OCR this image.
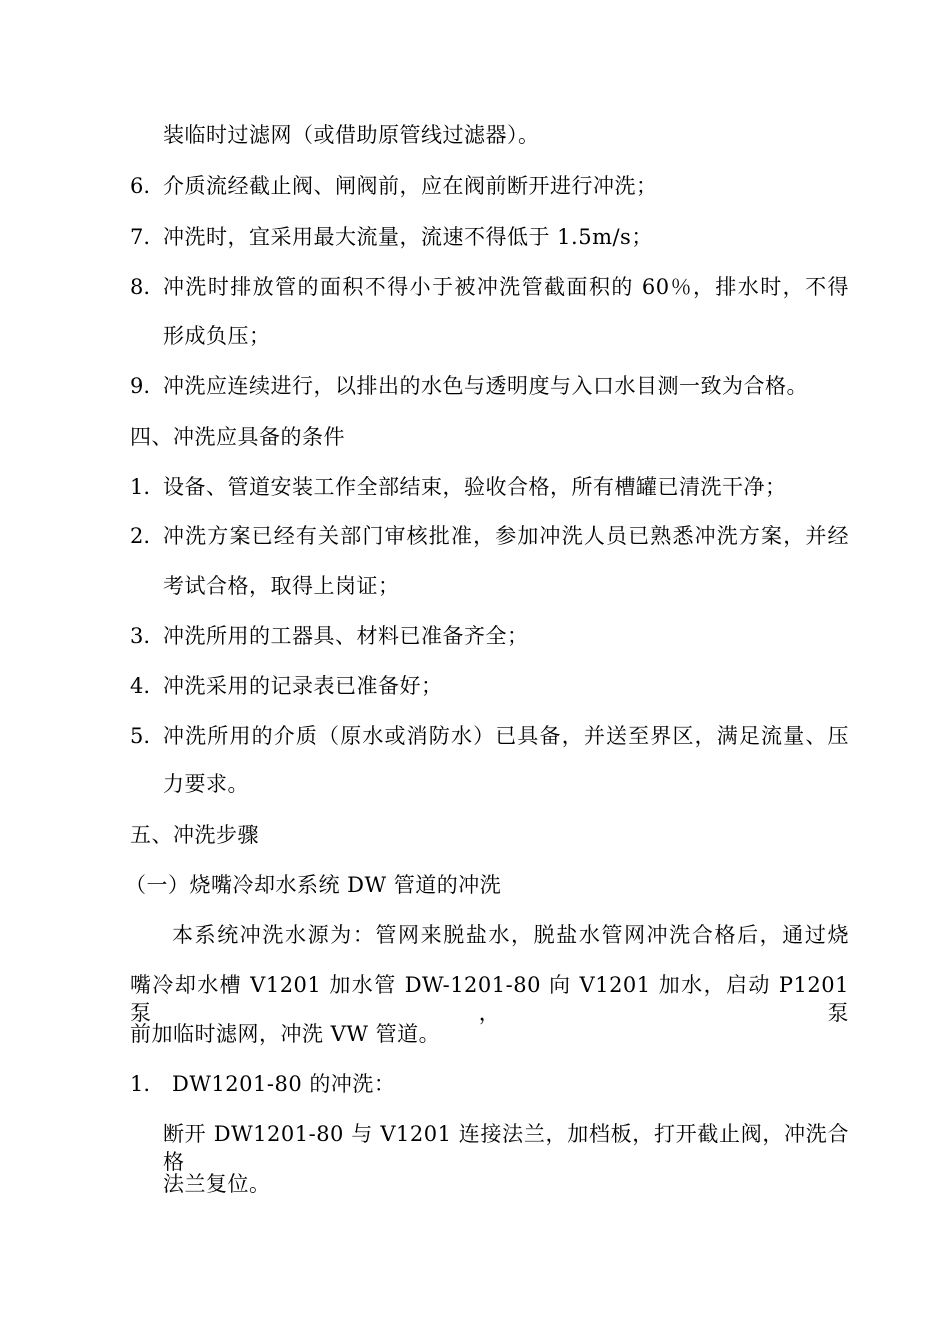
装临时过滤网（或借助原管线过滤器）。
6. 介质流经截止阀、闸阀前，应在阀前断开进行冲洗；
7. 冲洗时，宜采用最大流量，流速不得低于 1.5m/s；
8. 冲洗时排放管的面积不得小于被冲洗管截面积的 60％，排水时，不得
形成负压；
9. 冲洗应连续进行，以排出的水色与透明度与入口水目测一致为合格。
四、冲洗应具备的条件
1. 设备、管道安装工作全部结束，验收合格，所有槽罐已清洗干净；
2. 冲洗方案已经有关部门审核批准，参加冲洗人员已熟悉冲洗方案，并经
考试合格，取得上岗证；
3. 冲洗所用的工器具、材料已准备齐全；
4. 冲洗采用的记录表已准备好；
5. 冲洗所用的介质（原水或消防水）已具备，并送至界区，满足流量、压
力要求。
五、冲洗步骤
（一）烧嘴冷却水系统 DW 管道的冲洗
本系统冲洗水源为：管网来脱盐水，脱盐水管网冲洗合格后，通过烧
嘴冷却水槽 V1201 加水管 DW-1201-80 向 V1201 加水，启动 P1201 泵，泵
前加临时滤网，冲洗 VW 管道。
1. DW1201-80 的冲洗：
断开 DW1201-80 与 V1201 连接法兰，加档板，打开截止阀，冲洗合格
法兰复位。
